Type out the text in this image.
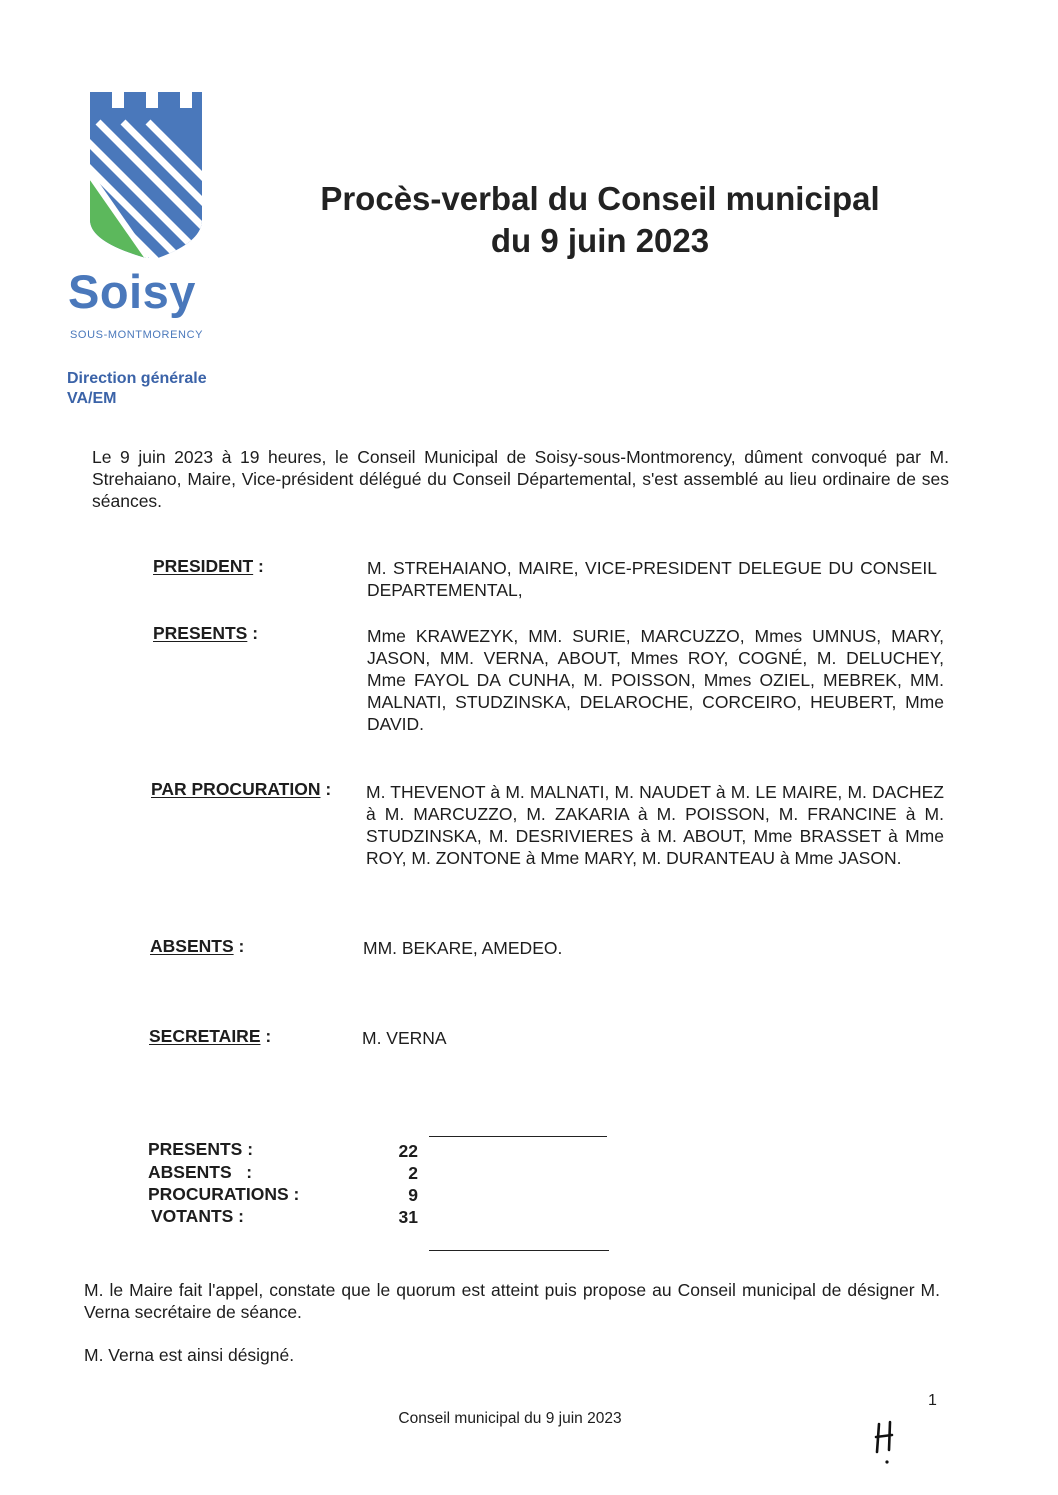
Soisy
SOUS-MONTMORENCY
Direction générale
VA/EM
Procès-verbal du Conseil municipal
du 9 juin 2023
Le 9 juin 2023 à 19 heures, le Conseil Municipal de Soisy-sous-Montmorency, dûment convoqué par M. Strehaiano, Maire, Vice-président délégué du Conseil Départemental, s'est assemblé au lieu ordinaire de ses séances.
PRESIDENT :	M. STREHAIANO, MAIRE, VICE-PRESIDENT DELEGUE DU CONSEIL DEPARTEMENTAL,
PRESENTS :	Mme KRAWEZYK, MM. SURIE, MARCUZZO, Mmes UMNUS, MARY, JASON, MM. VERNA, ABOUT, Mmes ROY, COGNÉ, M. DELUCHEY, Mme FAYOL DA CUNHA, M. POISSON, Mmes OZIEL, MEBREK, MM. MALNATI, STUDZINSKA, DELAROCHE, CORCEIRO, HEUBERT, Mme DAVID.
PAR PROCURATION : M. THEVENOT à M. MALNATI, M. NAUDET à M. LE MAIRE, M. DACHEZ à M. MARCUZZO, M. ZAKARIA à M. POISSON, M. FRANCINE à M. STUDZINSKA, M. DESRIVIERES à M. ABOUT, Mme BRASSET à Mme ROY, M. ZONTONE à Mme MARY, M. DURANTEAU à Mme JASON.
ABSENTS :	MM. BEKARE, AMEDEO.
SECRETAIRE :	M. VERNA
PRESENTS :	22
ABSENTS   :	2
PROCURATIONS :	9
VOTANTS :	31
M. le Maire fait l'appel, constate que le quorum est atteint puis propose au Conseil municipal de désigner M. Verna secrétaire de séance.
M. Verna est ainsi désigné.
1
Conseil municipal du 9 juin 2023
